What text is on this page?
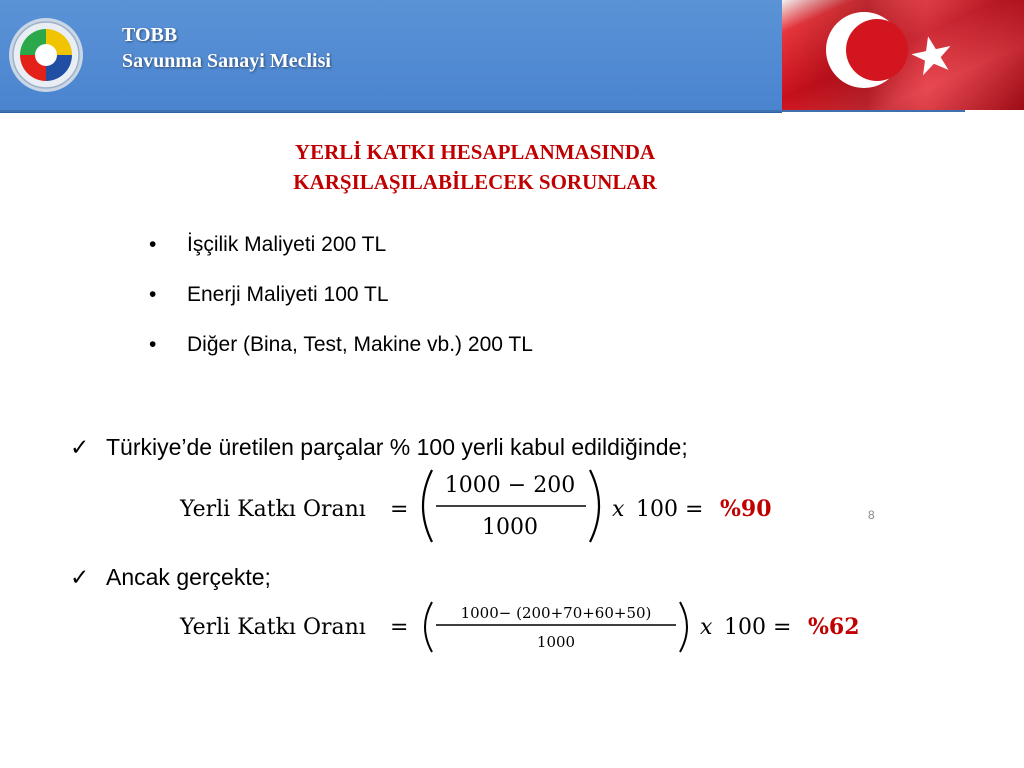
TOBB
Savunma Sanayi Meclisi
YERLİ KATKI HESAPLANMASINDA
KARŞILAŞILABİLECEK SORUNLAR
• İşçilik Maliyeti 200 TL
• Enerji Maliyeti 100 TL
• Diğer (Bina, Test, Makine vb.) 200 TL
✓ Türkiye’de üretilen parçalar % 100 yerli kabul edildiğinde;
Yerli Katkı Oranı =
1000 − 200
1000
𝑥 100 = %90	8
✓ Ancak gerçekte;
Yerli Katkı Oranı =
1000− (200+70+60+50)
1000
𝑥 100 = %62
